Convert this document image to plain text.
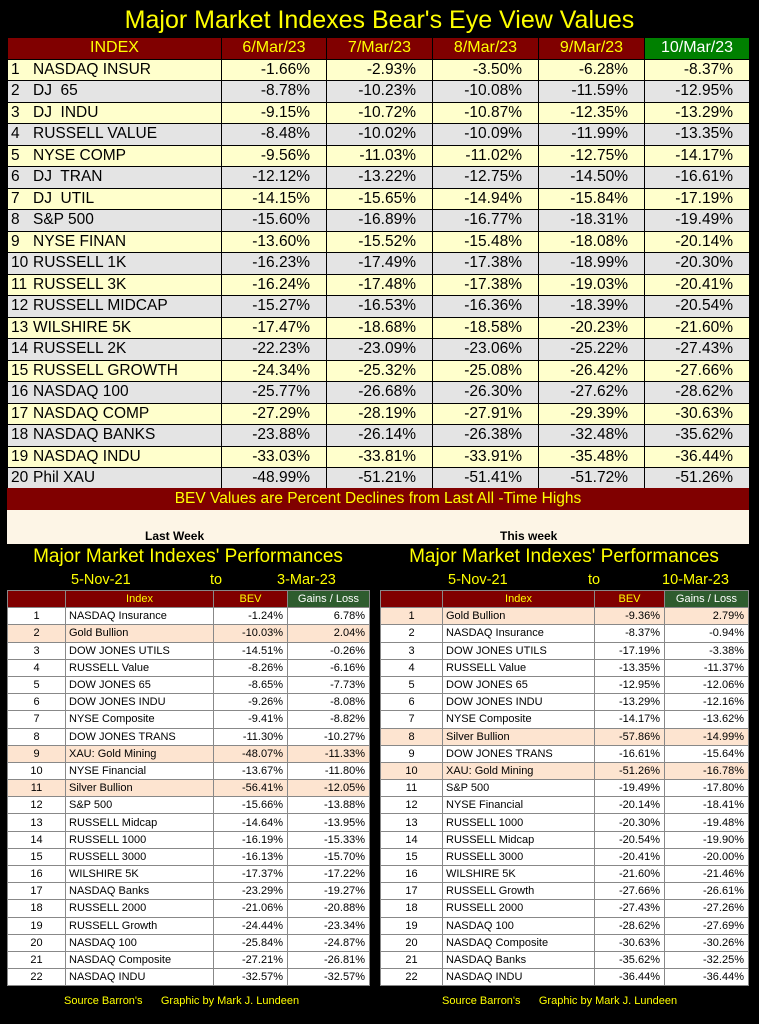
Major Market Indexes Bear's Eye View Values
INDEX	6/Mar/23	7/Mar/23	8/Mar/23	9/Mar/23	10/Mar/23
1 NASDAQ INSUR	-1.66%	-2.93%	-3.50%	-6.28%	-8.37%
2 DJ  65	-8.78%	-10.23%	-10.08%	-11.59%	-12.95%
3 DJ  INDU	-9.15%	-10.72%	-10.87%	-12.35%	-13.29%
4 RUSSELL VALUE	-8.48%	-10.02%	-10.09%	-11.99%	-13.35%
5 NYSE COMP	-9.56%	-11.03%	-11.02%	-12.75%	-14.17%
6 DJ  TRAN	-12.12%	-13.22%	-12.75%	-14.50%	-16.61%
7 DJ  UTIL	-14.15%	-15.65%	-14.94%	-15.84%	-17.19%
8 S&P 500	-15.60%	-16.89%	-16.77%	-18.31%	-19.49%
9 NYSE FINAN	-13.60%	-15.52%	-15.48%	-18.08%	-20.14%
10 RUSSELL 1K	-16.23%	-17.49%	-17.38%	-18.99%	-20.30%
11 RUSSELL 3K	-16.24%	-17.48%	-17.38%	-19.03%	-20.41%
12 RUSSELL MIDCAP	-15.27%	-16.53%	-16.36%	-18.39%	-20.54%
13 WILSHIRE 5K	-17.47%	-18.68%	-18.58%	-20.23%	-21.60%
14 RUSSELL 2K	-22.23%	-23.09%	-23.06%	-25.22%	-27.43%
15 RUSSELL GROWTH	-24.34%	-25.32%	-25.08%	-26.42%	-27.66%
16 NASDAQ 100	-25.77%	-26.68%	-26.30%	-27.62%	-28.62%
17 NASDAQ COMP	-27.29%	-28.19%	-27.91%	-29.39%	-30.63%
18 NASDAQ BANKS	-23.88%	-26.14%	-26.38%	-32.48%	-35.62%
19 NASDAQ INDU	-33.03%	-33.81%	-33.91%	-35.48%	-36.44%
20 Phil XAU	-48.99%	-51.21%	-51.41%	-51.72%	-51.26%
BEV Values are Percent Declines from Last All -Time Highs
Last Week	This week
Major Market Indexes' Performances
5-Nov-21	to	3-Mar-23
	Index	BEV	Gains / Loss
1	NASDAQ Insurance	-1.24%	6.78%
2	Gold Bullion	-10.03%	2.04%
3	DOW JONES UTILS	-14.51%	-0.26%
4	RUSSELL Value	-8.26%	-6.16%
5	DOW JONES 65	-8.65%	-7.73%
6	DOW JONES INDU	-9.26%	-8.08%
7	NYSE Composite	-9.41%	-8.82%
8	DOW JONES TRANS	-11.30%	-10.27%
9	XAU: Gold Mining	-48.07%	-11.33%
10	NYSE Financial	-13.67%	-11.80%
11	Silver Bullion	-56.41%	-12.05%
12	S&P 500	-15.66%	-13.88%
13	RUSSELL Midcap	-14.64%	-13.95%
14	RUSSELL 1000	-16.19%	-15.33%
15	RUSSELL 3000	-16.13%	-15.70%
16	WILSHIRE 5K	-17.37%	-17.22%
17	NASDAQ Banks	-23.29%	-19.27%
18	RUSSELL 2000	-21.06%	-20.88%
19	RUSSELL Growth	-24.44%	-23.34%
20	NASDAQ 100	-25.84%	-24.87%
21	NASDAQ Composite	-27.21%	-26.81%
22	NASDAQ INDU	-32.57%	-32.57%
Major Market Indexes' Performances
5-Nov-21	to	10-Mar-23
	Index	BEV	Gains / Loss
1	Gold Bullion	-9.36%	2.79%
2	NASDAQ Insurance	-8.37%	-0.94%
3	DOW JONES UTILS	-17.19%	-3.38%
4	RUSSELL Value	-13.35%	-11.37%
5	DOW JONES 65	-12.95%	-12.06%
6	DOW JONES INDU	-13.29%	-12.16%
7	NYSE Composite	-14.17%	-13.62%
8	Silver Bullion	-57.86%	-14.99%
9	DOW JONES TRANS	-16.61%	-15.64%
10	XAU: Gold Mining	-51.26%	-16.78%
11	S&P 500	-19.49%	-17.80%
12	NYSE Financial	-20.14%	-18.41%
13	RUSSELL 1000	-20.30%	-19.48%
14	RUSSELL Midcap	-20.54%	-19.90%
15	RUSSELL 3000	-20.41%	-20.00%
16	WILSHIRE 5K	-21.60%	-21.46%
17	RUSSELL Growth	-27.66%	-26.61%
18	RUSSELL 2000	-27.43%	-27.26%
19	NASDAQ 100	-28.62%	-27.69%
20	NASDAQ Composite	-30.63%	-30.26%
21	NASDAQ Banks	-35.62%	-32.25%
22	NASDAQ INDU	-36.44%	-36.44%
Source Barron's Graphic by Mark J. Lundeen	Source Barron's Graphic by Mark J. Lundeen
